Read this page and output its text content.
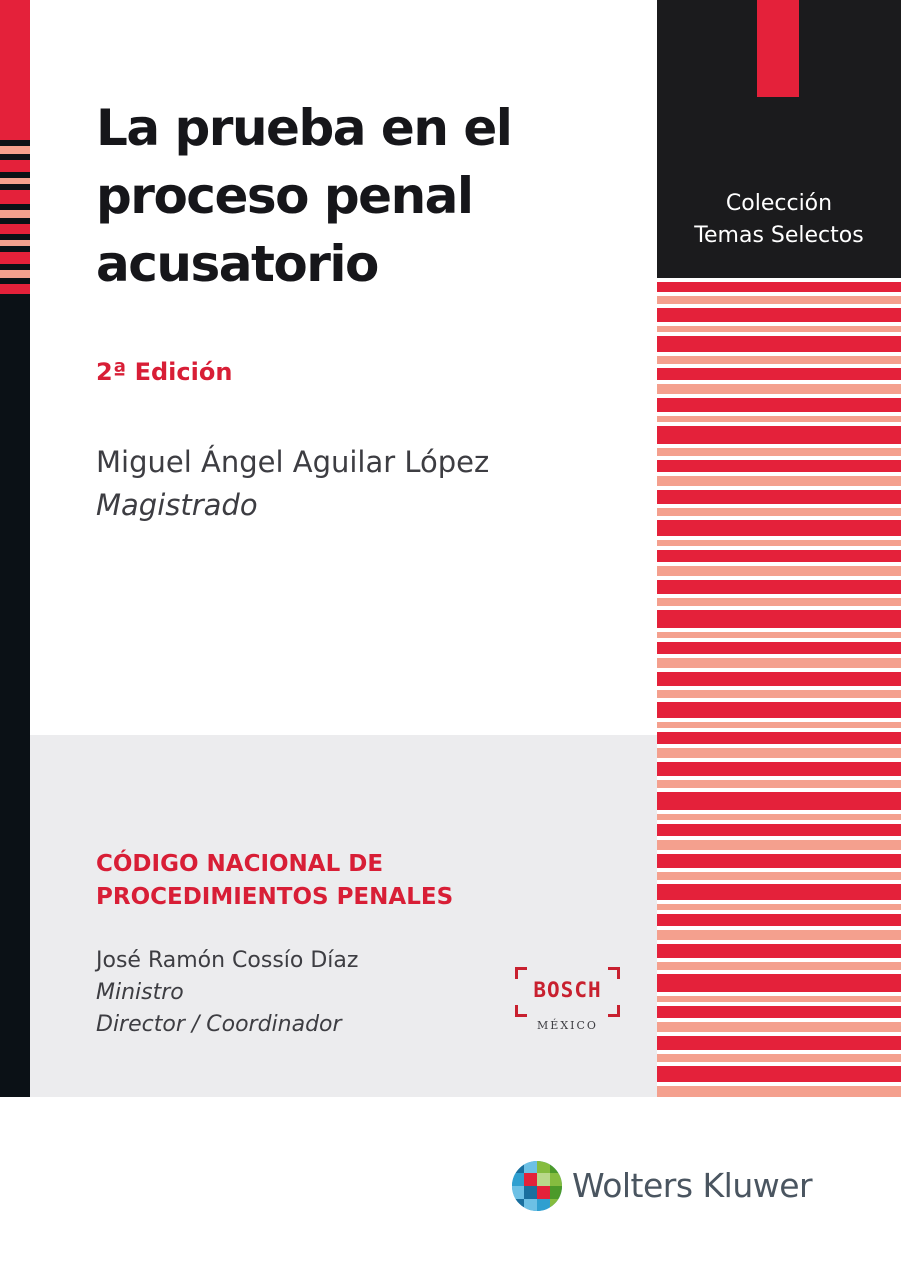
Colección
Temas Selectos
La prueba en el
proceso penal
acusatorio
2ª Edición
Miguel Ángel Aguilar López
Magistrado
CÓDIGO NACIONAL DE
PROCEDIMIENTOS PENALES
José Ramón Cossío Díaz
Ministro
Director / Coordinador
BOSCH
MÉXICO
Wolters Kluwer
